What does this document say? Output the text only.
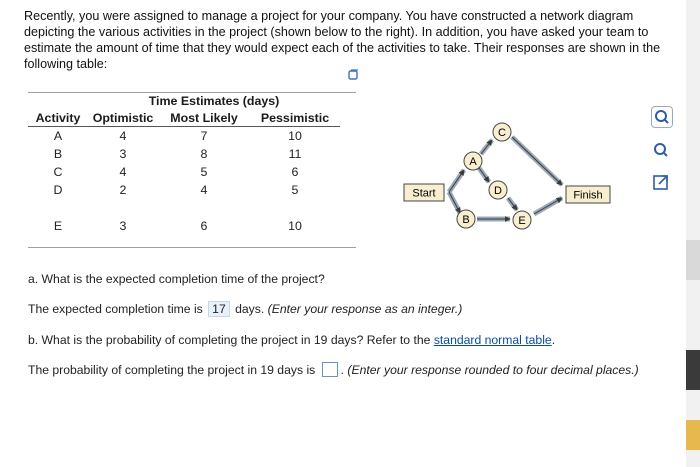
Recently, you were assigned to manage a project for your company. You have constructed a network diagram depicting the various activities in the project (shown below to the right). In addition, you have asked your team to estimate the amount of time that they would expect each of the activities to take. Their responses are shown in the following table:
	Time Estimates (days)		
Activity	Optimistic	Most Likely	Pessimistic
A	4	7	10
B	3	8	11
C	4	5	6
D	2	4	5

E	3	6	10
Start	Finish
A
B
C
D
E
a. What is the expected completion time of the project?
The expected completion time is 17 days. (Enter your response as an integer.)
b. What is the probability of completing the project in 19 days? Refer to the standard normal table.
The probability of completing the project in 19 days is . (Enter your response rounded to four decimal places.)
